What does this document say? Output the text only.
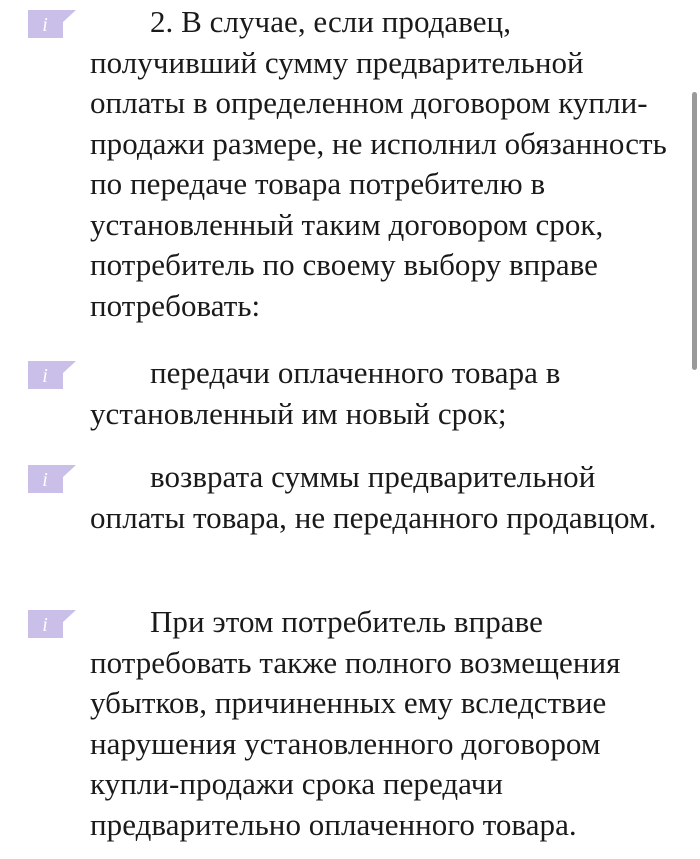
i	2. В случае, если продавец, получивший сумму предварительной оплаты в определенном договором купли-продажи размере, не исполнил обязанность по передаче товара потребителю в установленный таким договором срок, потребитель по своему выбору вправе потребовать:

i	передачи оплаченного товара в установленный им новый срок;

i	возврата суммы предварительной оплаты товара, не переданного продавцом.

i	При этом потребитель вправе потребовать также полного возмещения убытков, причиненных ему вследствие нарушения установленного договором купли-продажи срока передачи предварительно оплаченного товара.
